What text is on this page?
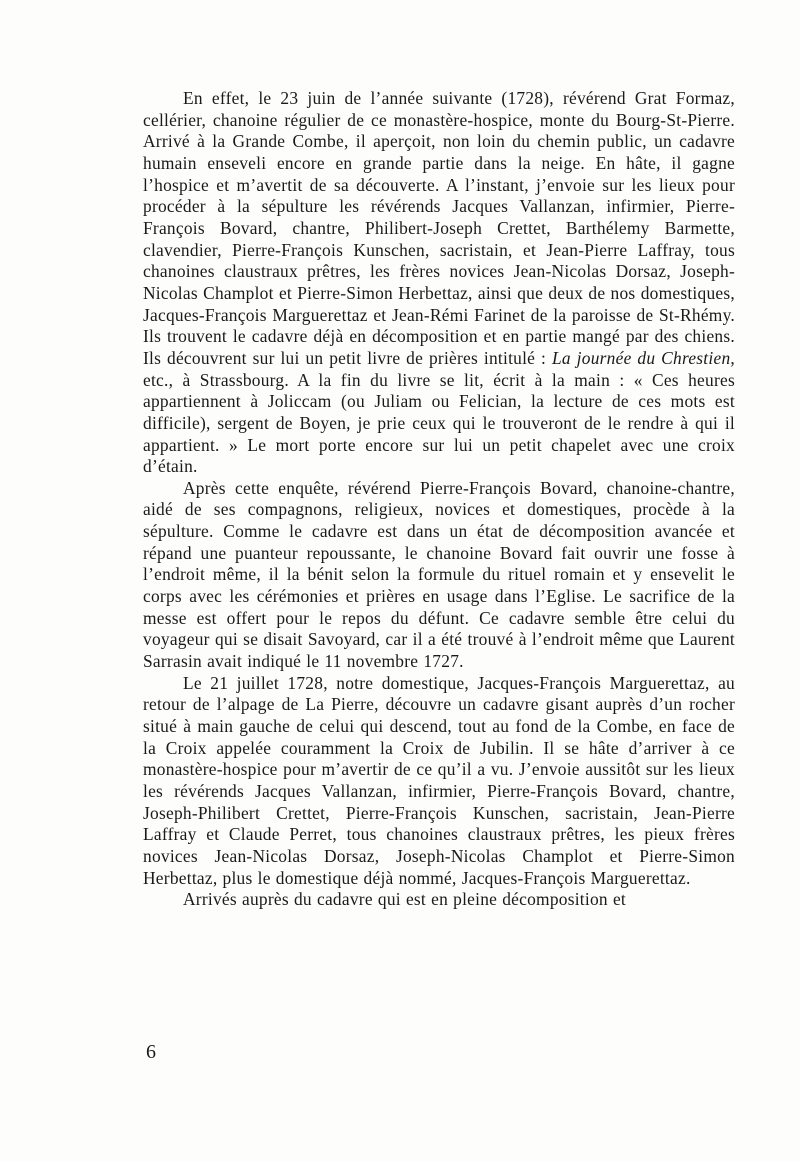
En effet, le 23 juin de l’année suivante (1728), révérend Grat Formaz, cellérier, chanoine régulier de ce monastère-hospice, monte du Bourg-St-Pierre. Arrivé à la Grande Combe, il aperçoit, non loin du chemin public, un cadavre humain enseveli encore en grande partie dans la neige. En hâte, il gagne l’hospice et m’avertit de sa découverte. A l’instant, j’envoie sur les lieux pour procéder à la sépulture les révérends Jacques Vallanzan, infirmier, Pierre-François Bovard, chantre, Philibert-Joseph Crettet, Barthélemy Barmette, clavendier, Pierre-François Kunschen, sacristain, et Jean-Pierre Laffray, tous chanoines claustraux prêtres, les frères novices Jean-Nicolas Dorsaz, Joseph-Nicolas Champlot et Pierre-Simon Herbettaz, ainsi que deux de nos domestiques, Jacques-François Marguerettaz et Jean-Rémi Farinet de la paroisse de St-Rhémy. Ils trouvent le cadavre déjà en décomposition et en partie mangé par des chiens. Ils découvrent sur lui un petit livre de prières intitulé : La journée du Chrestien, etc., à Strassbourg. A la fin du livre se lit, écrit à la main : « Ces heures appartiennent à Joliccam (ou Juliam ou Felician, la lecture de ces mots est difficile), sergent de Boyen, je prie ceux qui le trouveront de le rendre à qui il appartient. » Le mort porte encore sur lui un petit chapelet avec une croix d’étain.

Après cette enquête, révérend Pierre-François Bovard, chanoine-chantre, aidé de ses compagnons, religieux, novices et domestiques, procède à la sépulture. Comme le cadavre est dans un état de décomposition avancée et répand une puanteur repoussante, le chanoine Bovard fait ouvrir une fosse à l’endroit même, il la bénit selon la formule du rituel romain et y ensevelit le corps avec les cérémonies et prières en usage dans l’Eglise. Le sacrifice de la messe est offert pour le repos du défunt. Ce cadavre semble être celui du voyageur qui se disait Savoyard, car il a été trouvé à l’endroit même que Laurent Sarrasin avait indiqué le 11 novembre 1727.

Le 21 juillet 1728, notre domestique, Jacques-François Marguerettaz, au retour de l’alpage de La Pierre, découvre un cadavre gisant auprès d’un rocher situé à main gauche de celui qui descend, tout au fond de la Combe, en face de la Croix appelée couramment la Croix de Jubilin. Il se hâte d’arriver à ce monastère-hospice pour m’avertir de ce qu’il a vu. J’envoie aussitôt sur les lieux les révérends Jacques Vallanzan, infirmier, Pierre-François Bovard, chantre, Joseph-Philibert Crettet, Pierre-François Kunschen, sacristain, Jean-Pierre Laffray et Claude Perret, tous chanoines claustraux prêtres, les pieux frères novices Jean-Nicolas Dorsaz, Joseph-Nicolas Champlot et Pierre-Simon Herbettaz, plus le domestique déjà nommé, Jacques-François Marguerettaz.

Arrivés auprès du cadavre qui est en pleine décomposition et

6
